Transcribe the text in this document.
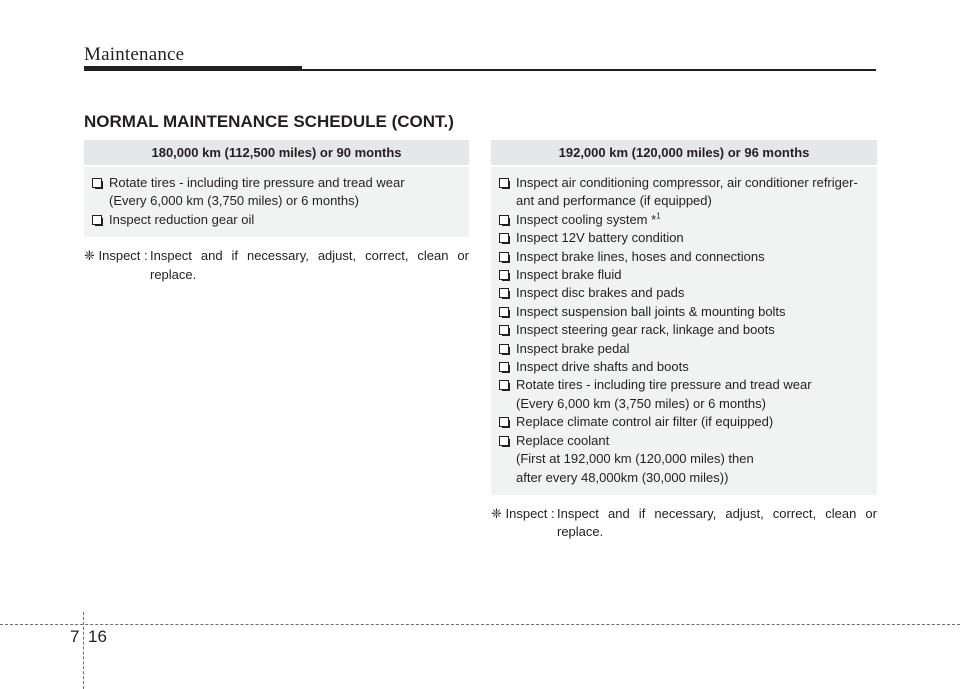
Maintenance
NORMAL MAINTENANCE SCHEDULE (CONT.)
180,000 km (112,500 miles) or 90 months
Rotate tires - including tire pressure and tread wear
(Every 6,000 km (3,750 miles) or 6 months)
Inspect reduction gear oil
❈ Inspect : Inspect and if necessary, adjust, correct, clean or replace.
192,000 km (120,000 miles) or 96 months
Inspect air conditioning compressor, air conditioner refriger-
ant and performance (if equipped)
Inspect cooling system *$^1$
Inspect 12V battery condition
Inspect brake lines, hoses and connections
Inspect brake fluid
Inspect disc brakes and pads
Inspect suspension ball joints & mounting bolts
Inspect steering gear rack, linkage and boots
Inspect brake pedal
Inspect drive shafts and boots
Rotate tires - including tire pressure and tread wear
(Every 6,000 km (3,750 miles) or 6 months)
Replace climate control air filter (if equipped)
Replace coolant
(First at 192,000 km (120,000 miles) then
after every 48,000km (30,000 miles))
❈ Inspect : Inspect and if necessary, adjust, correct, clean or replace.
7 16
